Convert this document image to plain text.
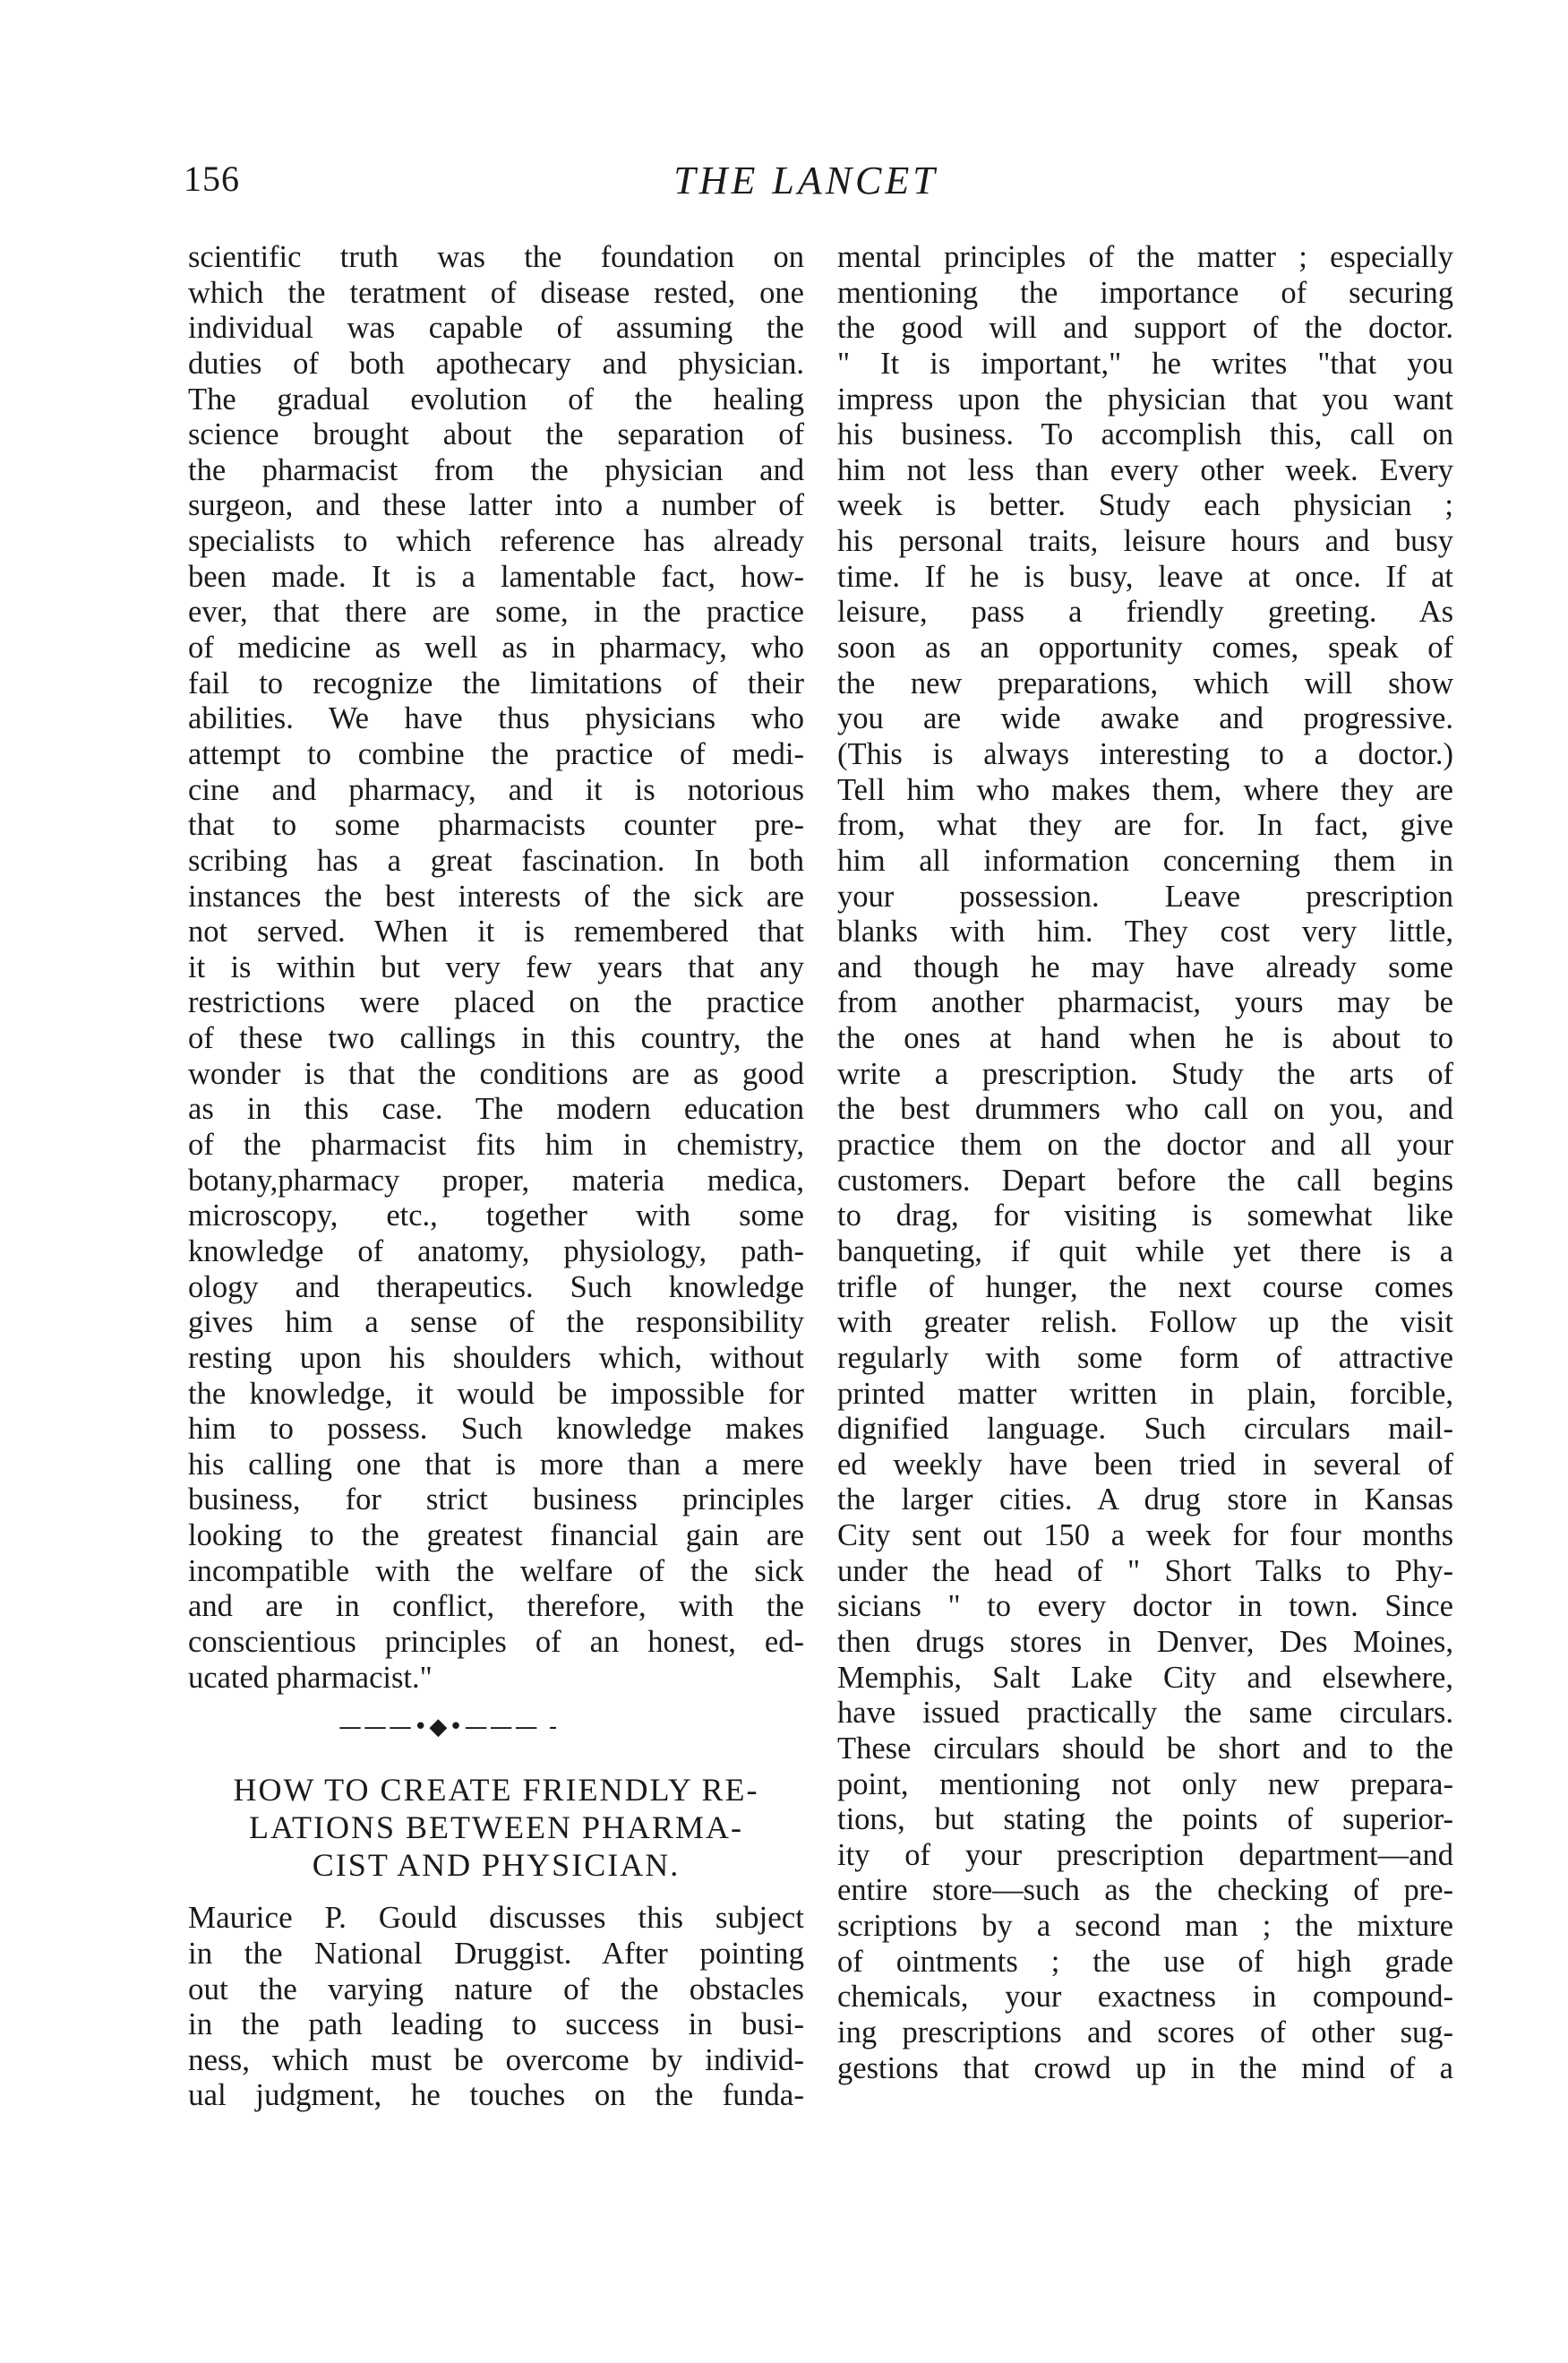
156	THE LANCET
scientific truth was the foundation on
which the teratment of disease rested, one
individual was capable of assuming the
duties of both apothecary and physician.
The gradual evolution of the healing
science brought about the separation of
the pharmacist from the physician and
surgeon, and these latter into a number of
specialists to which reference has already
been made. It is a lamentable fact, how-
ever, that there are some, in the practice
of medicine as well as in pharmacy, who
fail to recognize the limitations of their
abilities. We have thus physicians who
attempt to combine the practice of medi-
cine and pharmacy, and it is notorious
that to some pharmacists counter pre-
scribing has a great fascination. In both
instances the best interests of the sick are
not served. When it is remembered that
it is within but very few years that any
restrictions were placed on the practice
of these two callings in this country, the
wonder is that the conditions are as good
as in this case. The modern education
of the pharmacist fits him in chemistry,
botany,pharmacy proper, materia medica,
microscopy, etc., together with some
knowledge of anatomy, physiology, path-
ology and therapeutics. Such knowledge
gives him a sense of the responsibility
resting upon his shoulders which, without
the knowledge, it would be impossible for
him to possess. Such knowledge makes
his calling one that is more than a mere
business, for strict business principles
looking to the greatest financial gain are
incompatible with the welfare of the sick
and are in conflict, therefore, with the
conscientious principles of an honest, ed-
ucated pharmacist."
———•◆•——— -
HOW TO CREATE FRIENDLY RE-
LATIONS BETWEEN PHARMA-
CIST AND PHYSICIAN.
Maurice P. Gould discusses this subject
in the National Druggist. After pointing
out the varying nature of the obstacles
in the path leading to success in busi-
ness, which must be overcome by individ-
ual judgment, he touches on the funda-
mental principles of the matter ; especially
mentioning the importance of securing
the good will and support of the doctor.
" It is important," he writes "that you
impress upon the physician that you want
his business. To accomplish this, call on
him not less than every other week. Every
week is better. Study each physician ;
his personal traits, leisure hours and busy
time. If he is busy, leave at once. If at
leisure, pass a friendly greeting. As
soon as an opportunity comes, speak of
the new preparations, which will show
you are wide awake and progressive.
(This is always interesting to a doctor.)
Tell him who makes them, where they are
from, what they are for. In fact, give
him all information concerning them in
your possession. Leave prescription
blanks with him. They cost very little,
and though he may have already some
from another pharmacist, yours may be
the ones at hand when he is about to
write a prescription. Study the arts of
the best drummers who call on you, and
practice them on the doctor and all your
customers. Depart before the call begins
to drag, for visiting is somewhat like
banqueting, if quit while yet there is a
trifle of hunger, the next course comes
with greater relish. Follow up the visit
regularly with some form of attractive
printed matter written in plain, forcible,
dignified language. Such circulars mail-
ed weekly have been tried in several of
the larger cities. A drug store in Kansas
City sent out 150 a week for four months
under the head of " Short Talks to Phy-
sicians " to every doctor in town. Since
then drugs stores in Denver, Des Moines,
Memphis, Salt Lake City and elsewhere,
have issued practically the same circulars.
These circulars should be short and to the
point, mentioning not only new prepara-
tions, but stating the points of superior-
ity of your prescription department—and
entire store—such as the checking of pre-
scriptions by a second man ; the mixture
of ointments ; the use of high grade
chemicals, your exactness in compound-
ing prescriptions and scores of other sug-
gestions that crowd up in the mind of a
